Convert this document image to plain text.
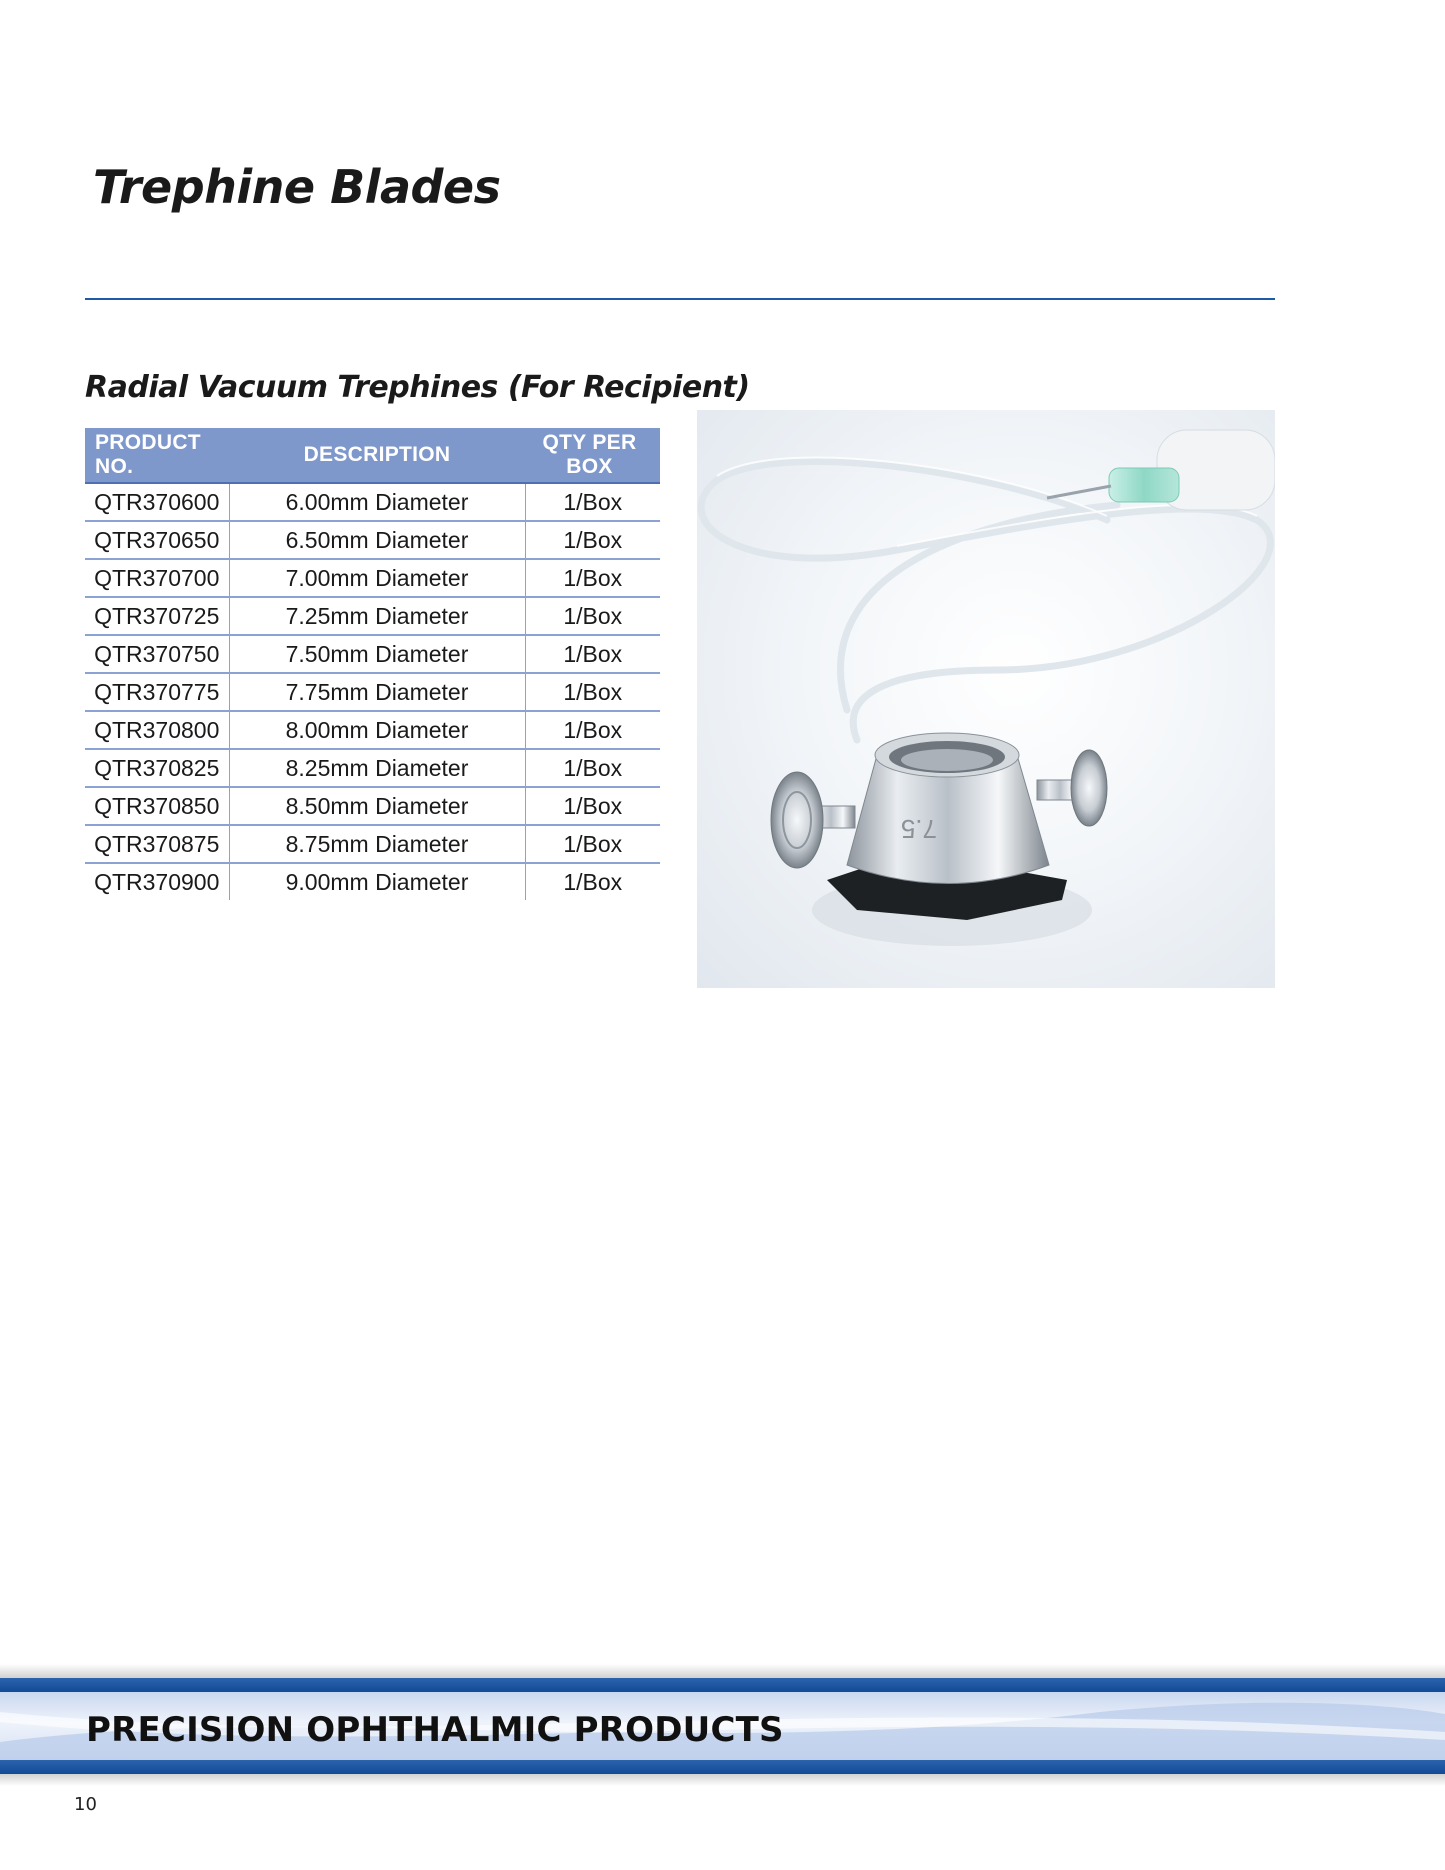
Trephine Blades
Radial Vacuum Trephines (For Recipient)
PRODUCT NO.	DESCRIPTION	QTY PER BOX
QTR370600	6.00mm Diameter	1/Box
QTR370650	6.50mm Diameter	1/Box
QTR370700	7.00mm Diameter	1/Box
QTR370725	7.25mm Diameter	1/Box
QTR370750	7.50mm Diameter	1/Box
QTR370775	7.75mm Diameter	1/Box
QTR370800	8.00mm Diameter	1/Box
QTR370825	8.25mm Diameter	1/Box
QTR370850	8.50mm Diameter	1/Box
QTR370875	8.75mm Diameter	1/Box
QTR370900	9.00mm Diameter	1/Box
7.5
PRECISION OPHTHALMIC PRODUCTS
10
